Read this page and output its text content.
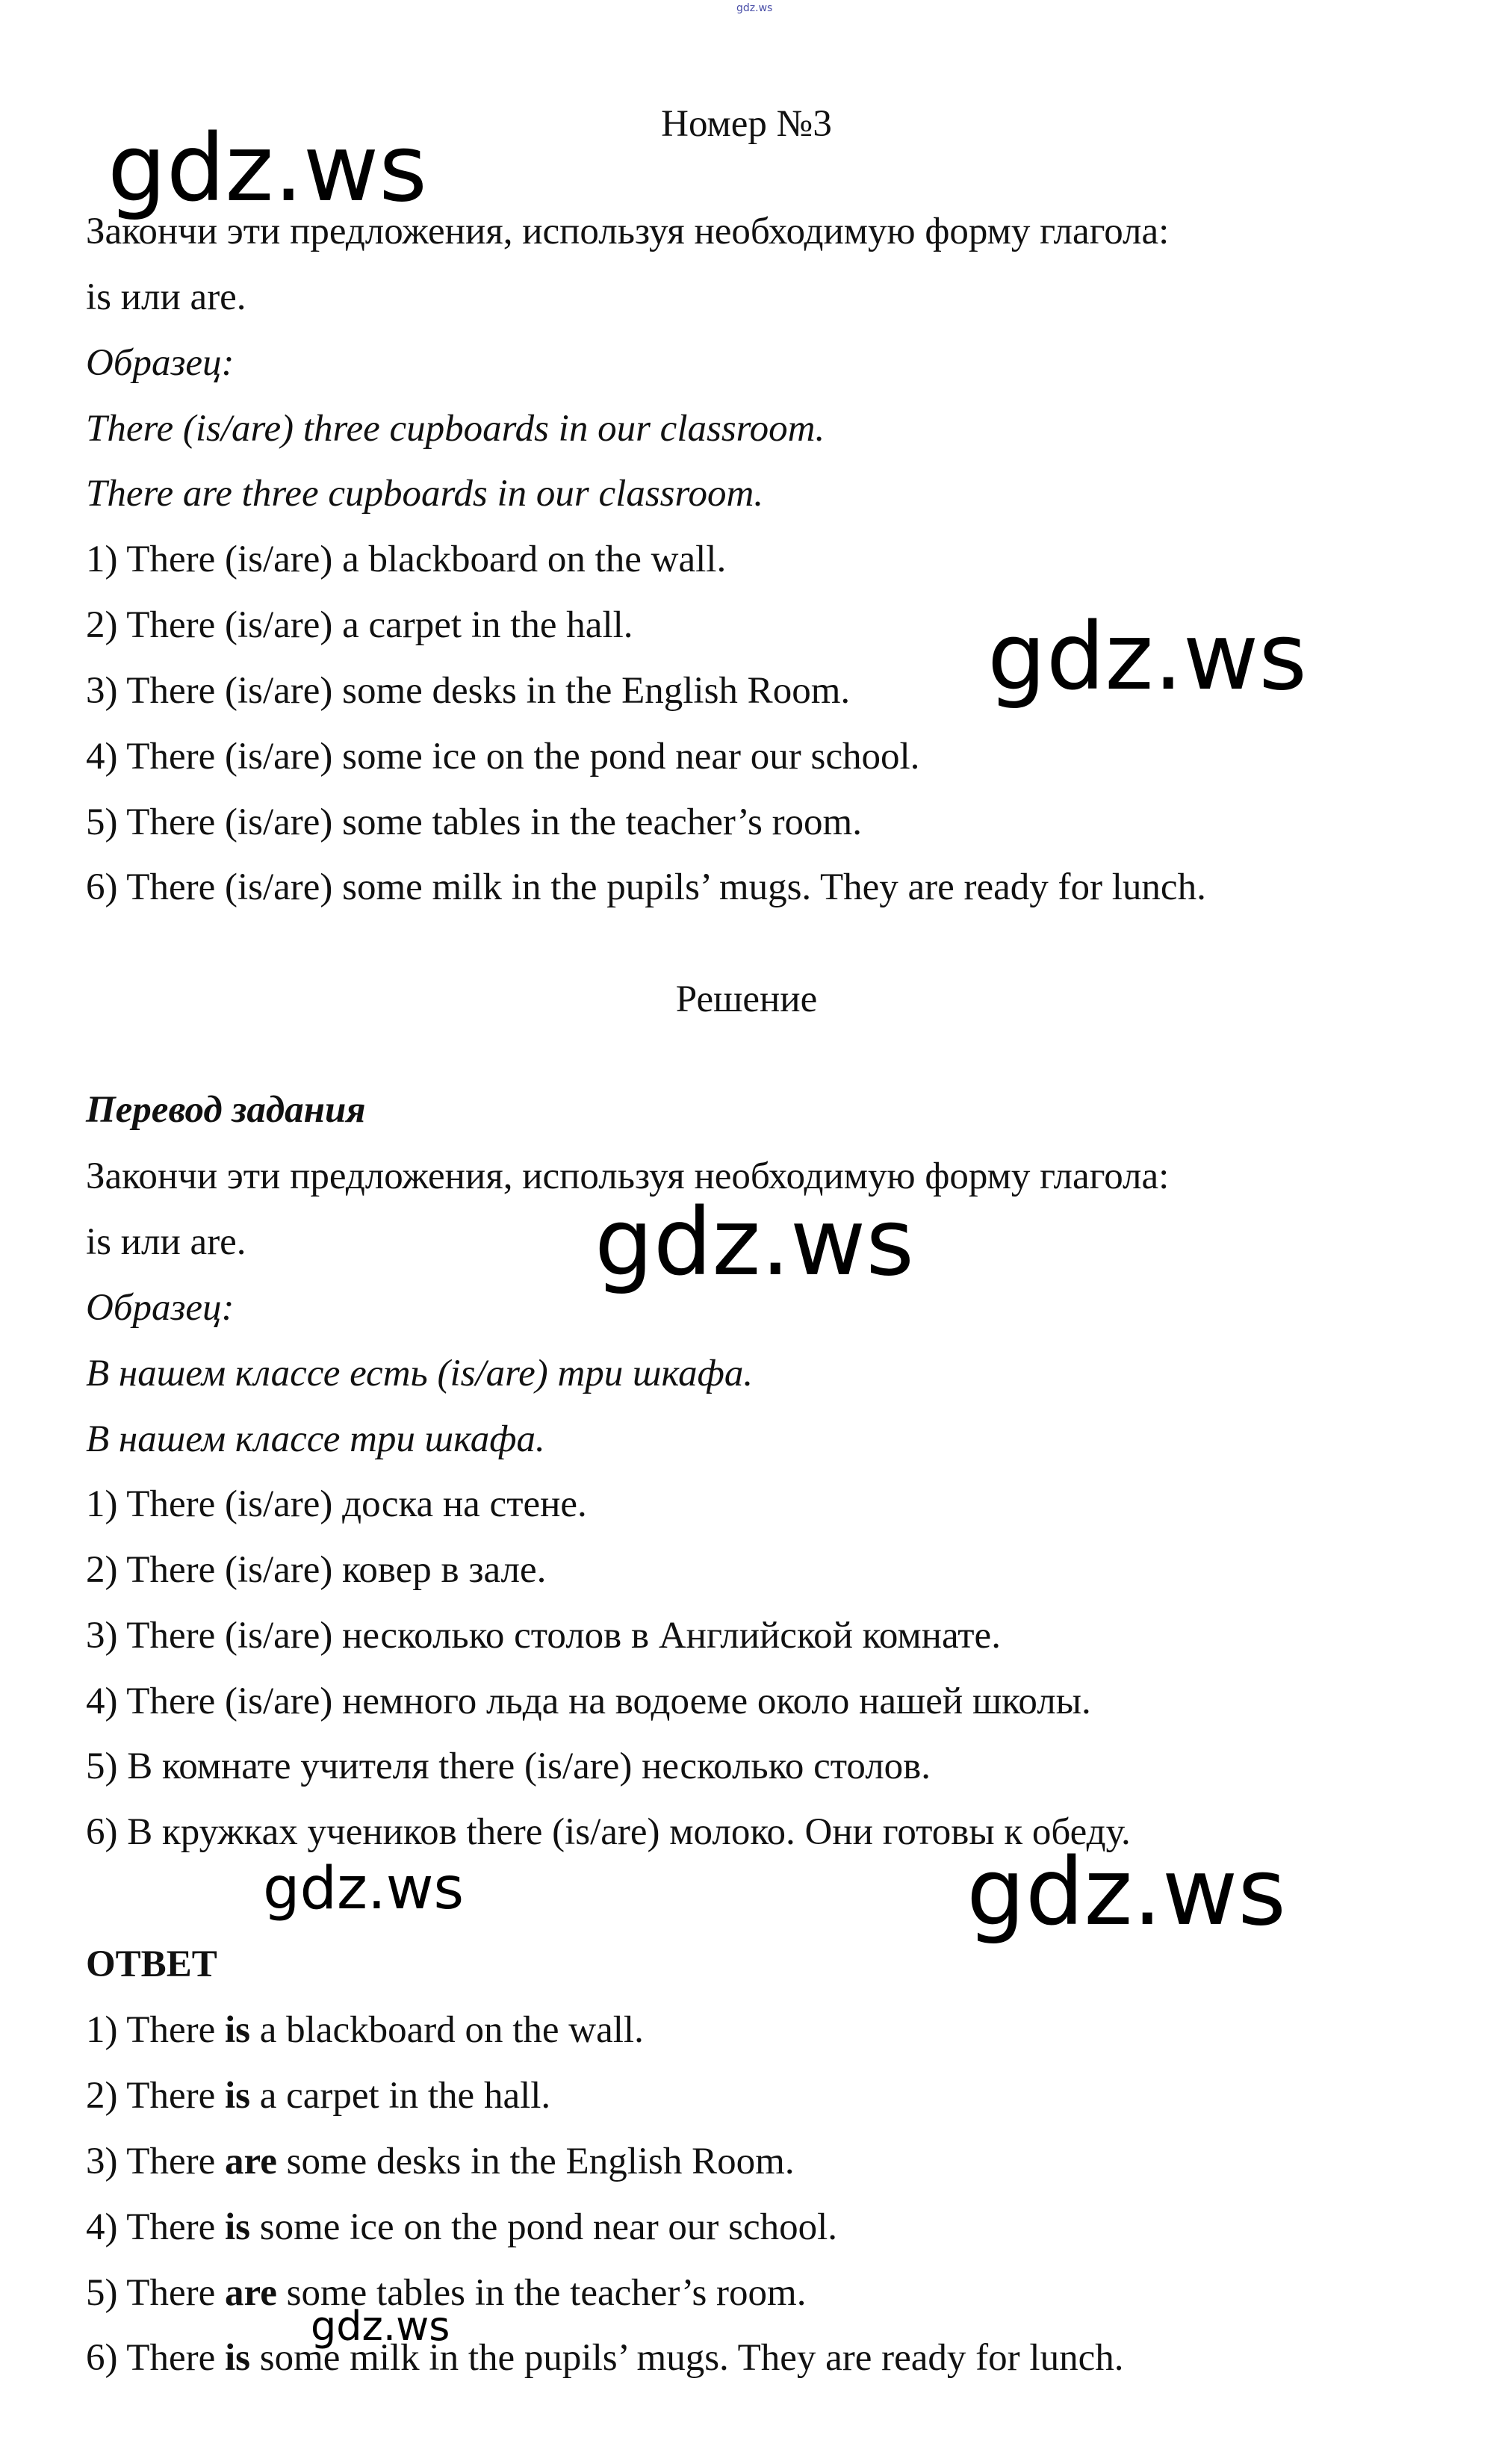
gdz.ws
Номер №3
Закончи эти предложения, используя необходимую форму глагола:
is или are.
Образец:
There (is/are) three cupboards in our classroom.
There are three cupboards in our classroom.
1) There (is/are) a blackboard on the wall.
2) There (is/are) a carpet in the hall.
3) There (is/are) some desks in the English Room.
4) There (is/are) some ice on the pond near our school.
5) There (is/are) some tables in the teacher’s room.
6) There (is/are) some milk in the pupils’ mugs. They are ready for lunch.
Решение
Перевод задания
Закончи эти предложения, используя необходимую форму глагола:
is или are.
Образец:
В нашем классе есть (is/are) три шкафа.
В нашем классе три шкафа.
1) There (is/are) доска на стене.
2) There (is/are) ковер в зале.
3) There (is/are) несколько столов в Английской комнате.
4) There (is/are) немного льда на водоеме около нашей школы.
5) В комнате учителя there (is/are) несколько столов.
6) В кружках учеников there (is/are) молоко. Они готовы к обеду.
ОТВЕТ
1) There is a blackboard on the wall.
2) There is a carpet in the hall.
3) There are some desks in the English Room.
4) There is some ice on the pond near our school.
5) There are some tables in the teacher’s room.
6) There is some milk in the pupils’ mugs. They are ready for lunch.
gdz.ws
gdz.ws
gdz.ws
gdz.ws	gdz.ws
gdz.ws
